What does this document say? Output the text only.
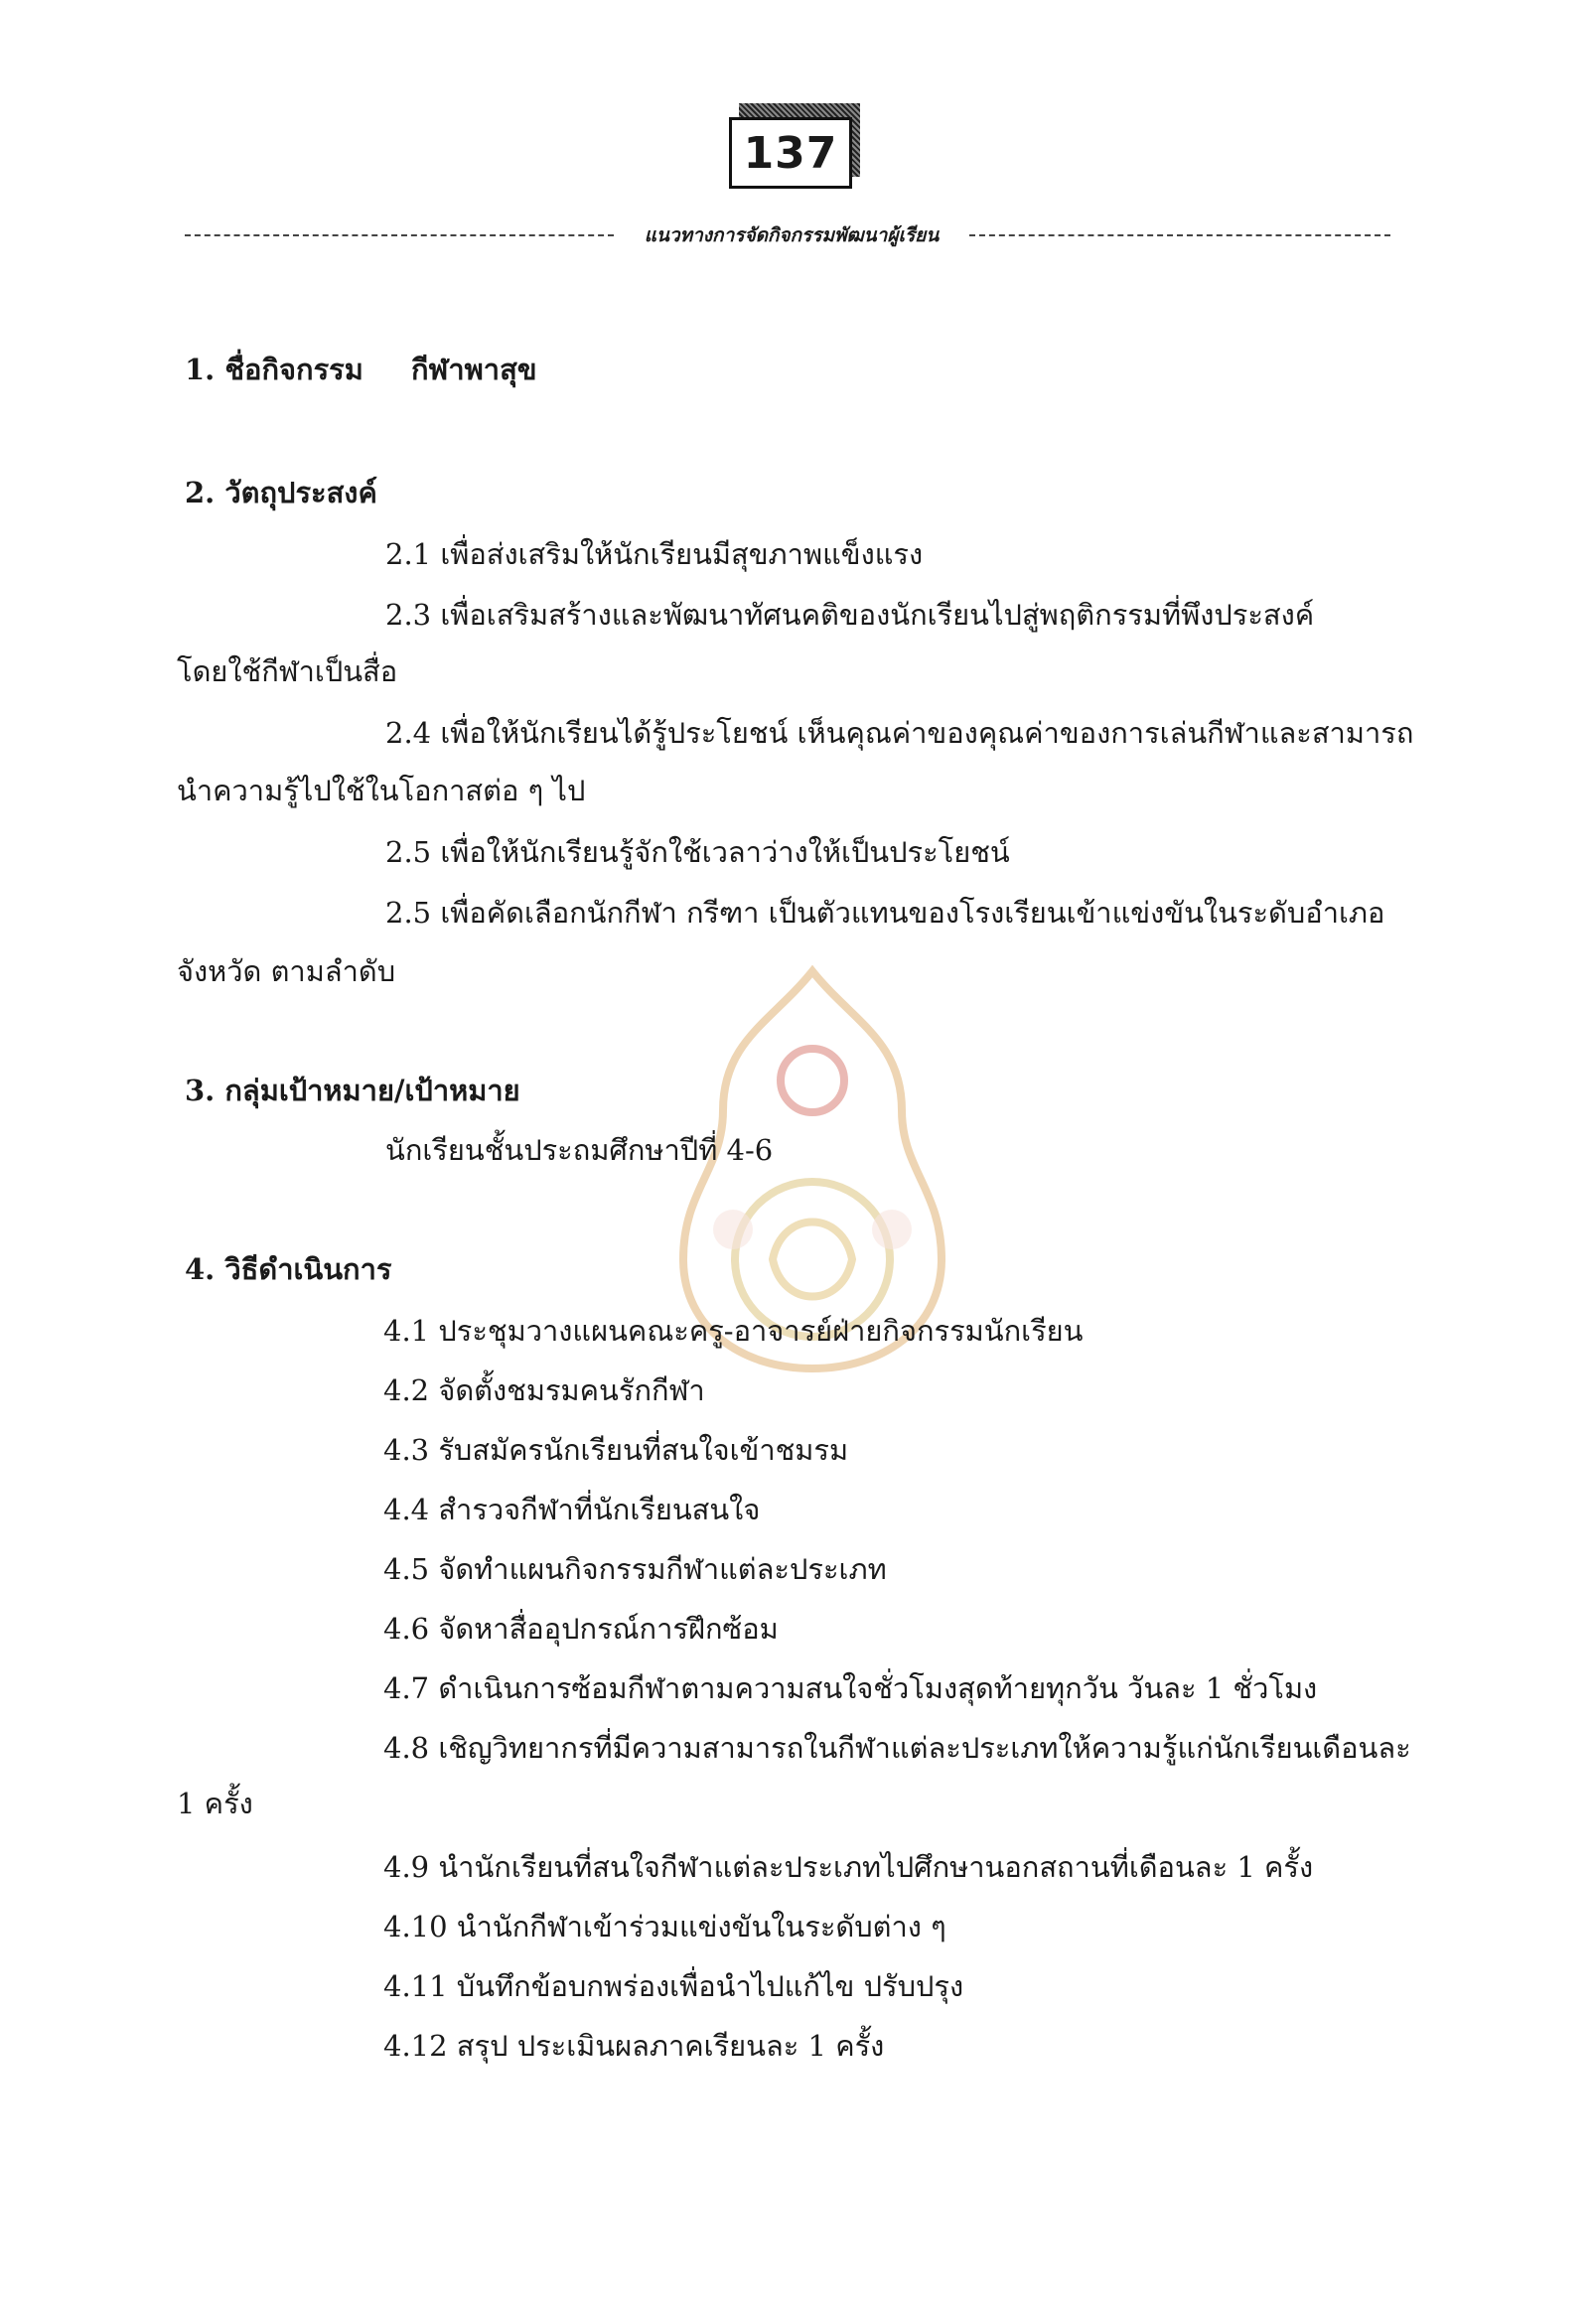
137
แนวทางการจัดกิจกรรมพัฒนาผู้เรียน
1. ชื่อกิจกรรม กีฬาพาสุข
2. วัตถุประสงค์
2.1 เพื่อส่งเสริมให้นักเรียนมีสุขภาพแข็งแรง
2.3 เพื่อเสริมสร้างและพัฒนาทัศนคติของนักเรียนไปสู่พฤติกรรมที่พึงประสงค์
โดยใช้กีฬาเป็นสื่อ
2.4 เพื่อให้นักเรียนได้รู้ประโยชน์ เห็นคุณค่าของคุณค่าของการเล่นกีฬาและสามารถ
นำความรู้ไปใช้ในโอกาสต่อ ๆ ไป
2.5 เพื่อให้นักเรียนรู้จักใช้เวลาว่างให้เป็นประโยชน์
2.5 เพื่อคัดเลือกนักกีฬา กรีฑา เป็นตัวแทนของโรงเรียนเข้าแข่งขันในระดับอำเภอ
จังหวัด ตามลำดับ
3. กลุ่มเป้าหมาย/เป้าหมาย
นักเรียนชั้นประถมศึกษาปีที่ 4-6
4. วิธีดำเนินการ
4.1 ประชุมวางแผนคณะครู-อาจารย์ฝ่ายกิจกรรมนักเรียน
4.2 จัดตั้งชมรมคนรักกีฬา
4.3 รับสมัครนักเรียนที่สนใจเข้าชมรม
4.4 สำรวจกีฬาที่นักเรียนสนใจ
4.5 จัดทำแผนกิจกรรมกีฬาแต่ละประเภท
4.6 จัดหาสื่ออุปกรณ์การฝึกซ้อม
4.7 ดำเนินการซ้อมกีฬาตามความสนใจชั่วโมงสุดท้ายทุกวัน วันละ 1 ชั่วโมง
4.8 เชิญวิทยากรที่มีความสามารถในกีฬาแต่ละประเภทให้ความรู้แก่นักเรียนเดือนละ
1 ครั้ง
4.9 นำนักเรียนที่สนใจกีฬาแต่ละประเภทไปศึกษานอกสถานที่เดือนละ 1 ครั้ง
4.10 นำนักกีฬาเข้าร่วมแข่งขันในระดับต่าง ๆ
4.11 บันทึกข้อบกพร่องเพื่อนำไปแก้ไข ปรับปรุง
4.12 สรุป ประเมินผลภาคเรียนละ 1 ครั้ง
